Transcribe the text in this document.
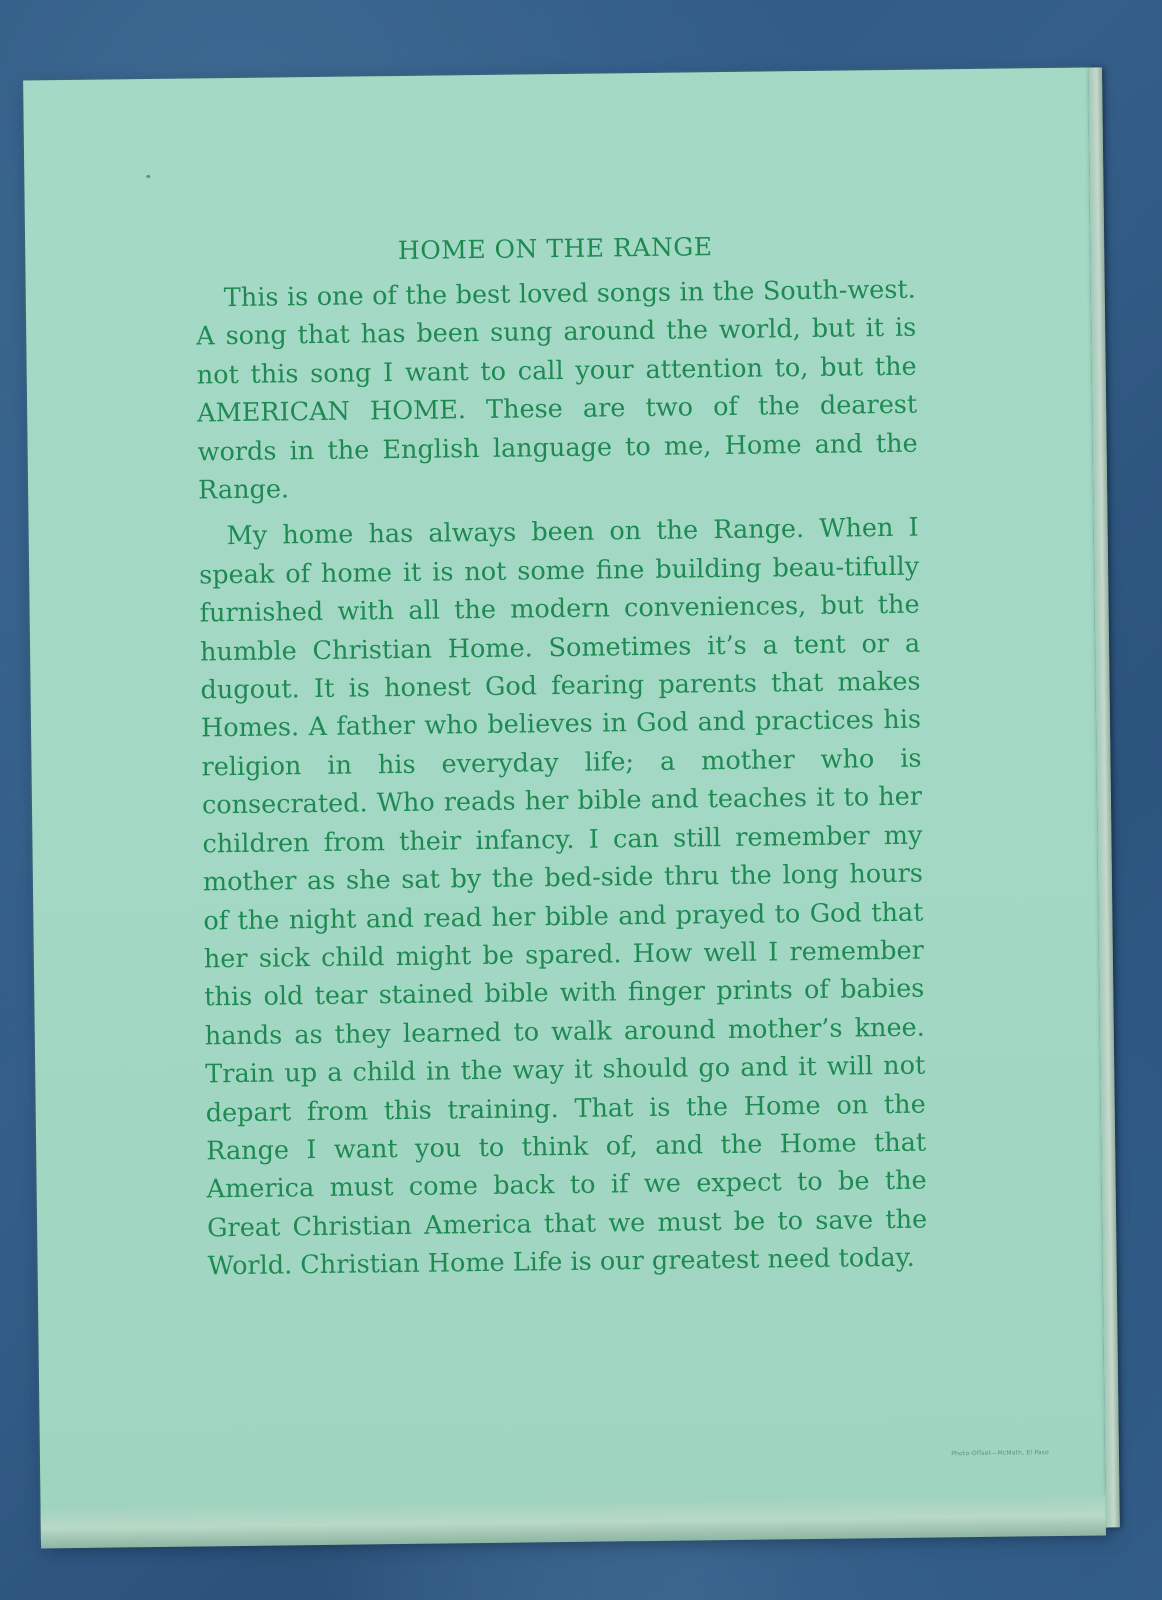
HOME ON THE RANGE

This is one of the best loved songs in the South-west. A song that has been sung around the world, but it is not this song I want to call your attention to, but the AMERICAN HOME. These are two of the dearest words in the English language to me, Home and the Range.

My home has always been on the Range. When I speak of home it is not some fine building beau-tifully furnished with all the modern conveniences, but the humble Christian Home. Sometimes it’s a tent or a dugout. It is honest God fearing parents that makes Homes. A father who believes in God and practices his religion in his everyday life; a mother who is consecrated. Who reads her bible and teaches it to her children from their infancy. I can still remember my mother as she sat by the bed-side thru the long hours of the night and read her bible and prayed to God that her sick child might be spared. How well I remember this old tear stained bible with finger prints of babies hands as they learned to walk around mother’s knee. Train up a child in the way it should go and it will not depart from this training. That is the Home on the Range I want you to think of, and the Home that America must come back to if we expect to be the Great Christian America that we must be to save the World. Christian Home Life is our greatest need today.

Photo-Offset—McMath, El Paso
